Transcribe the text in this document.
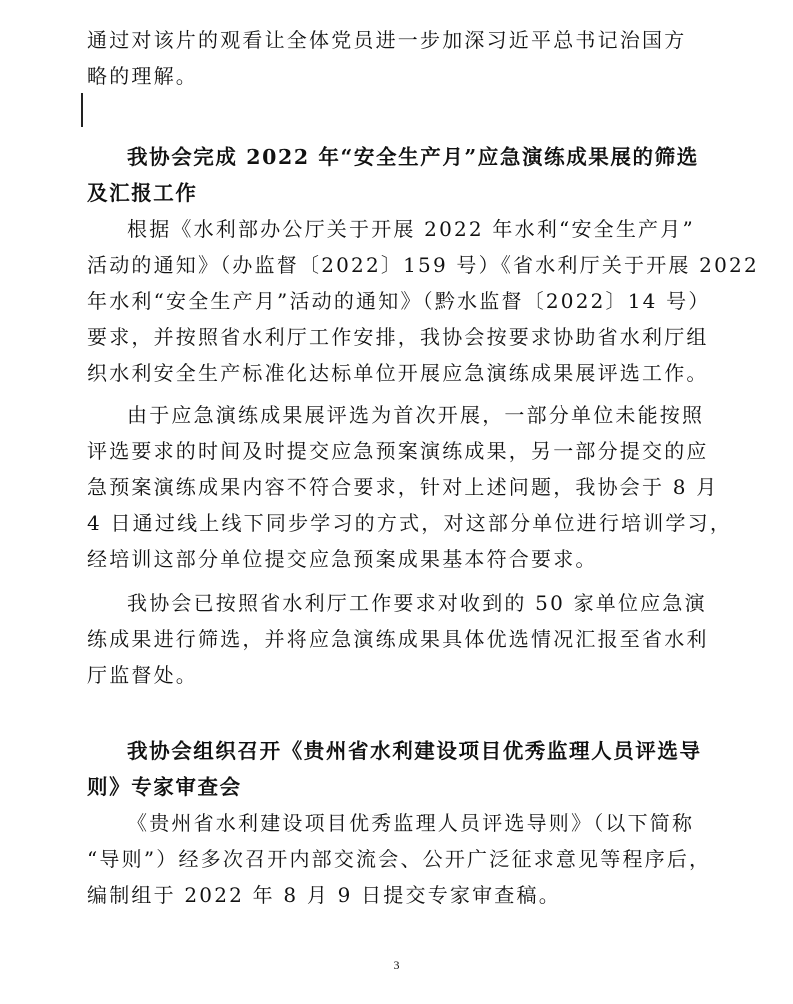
通过对该片的观看让全体党员进一步加深习近平总书记治国方
略的理解。
我协会完成 2022 年“安全生产月”应急演练成果展的筛选
及汇报工作
根据《水利部办公厅关于开展 2022 年水利“安全生产月”
活动的通知》（办监督〔2022〕159 号）《省水利厅关于开展 2022
年水利“安全生产月”活动的通知》（黔水监督〔2022〕14 号）
要求，并按照省水利厅工作安排，我协会按要求协助省水利厅组
织水利安全生产标准化达标单位开展应急演练成果展评选工作。
由于应急演练成果展评选为首次开展，一部分单位未能按照
评选要求的时间及时提交应急预案演练成果，另一部分提交的应
急预案演练成果内容不符合要求，针对上述问题，我协会于 8 月
4 日通过线上线下同步学习的方式，对这部分单位进行培训学习，
经培训这部分单位提交应急预案成果基本符合要求。
我协会已按照省水利厅工作要求对收到的 50 家单位应急演
练成果进行筛选，并将应急演练成果具体优选情况汇报至省水利
厅监督处。
我协会组织召开《贵州省水利建设项目优秀监理人员评选导
则》专家审查会
《贵州省水利建设项目优秀监理人员评选导则》（以下简称
“导则”）经多次召开内部交流会、公开广泛征求意见等程序后，
编制组于 2022 年 8 月 9 日提交专家审查稿。
3
